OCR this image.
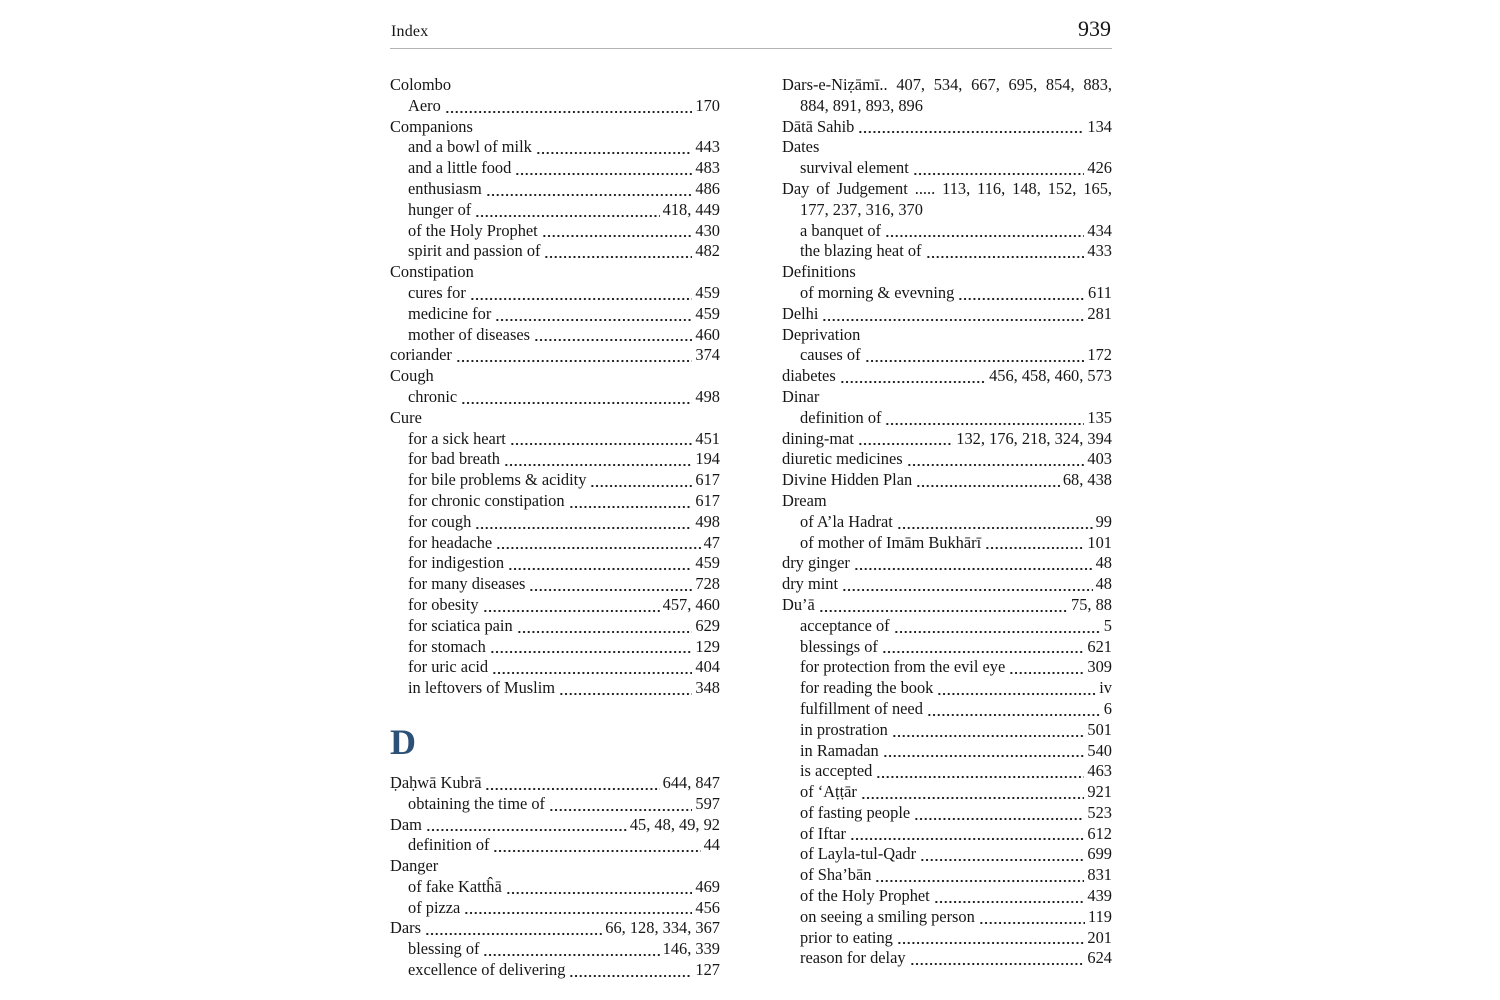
Index	939
Colombo
Aero	170
Companions
and a bowl of milk	443
and a little food	483
enthusiasm	486
hunger of	418, 449
of the Holy Prophet	430
spirit and passion of	482
Constipation
cures for	459
medicine for	459
mother of diseases	460
coriander	374
Cough
chronic	498
Cure
for a sick heart	451
for bad breath	194
for bile problems & acidity	617
for chronic constipation	617
for cough	498
for headache	47
for indigestion	459
for many diseases	728
for obesity	457, 460
for sciatica pain	629
for stomach	129
for uric acid	404
in leftovers of Muslim	348
D
Ḍaḥwā Kubrā	644, 847
obtaining the time of	597
Dam	45, 48, 49, 92
definition of	44
Danger
of fake Kattĥā	469
of pizza	456
Dars	66, 128, 334, 367
blessing of	146, 339
excellence of delivering	127
Dars-e-Niẓāmī.. 407, 534, 667, 695, 854, 883, 884, 891, 893, 896
Dātā Sahib	134
Dates
survival element	426
Day of Judgement ..... 113, 116, 148, 152, 165, 177, 237, 316, 370
a banquet of	434
the blazing heat of	433
Definitions
of morning & evevning	611
Delhi	281
Deprivation
causes of	172
diabetes	456, 458, 460, 573
Dinar
definition of	135
dining-mat	132, 176, 218, 324, 394
diuretic medicines	403
Divine Hidden Plan	68, 438
Dream
of A’la Hadrat	99
of mother of Imām Bukhārī	101
dry ginger	48
dry mint	48
Du’ā	75, 88
acceptance of	5
blessings of	621
for protection from the evil eye	309
for reading the book	iv
fulfillment of need	6
in prostration	501
in Ramadan	540
is accepted	463
of ‘Aṭṭār	921
of fasting people	523
of Iftar	612
of Layla-tul-Qadr	699
of Sha’bān	831
of the Holy Prophet	439
on seeing a smiling person	119
prior to eating	201
reason for delay	624
